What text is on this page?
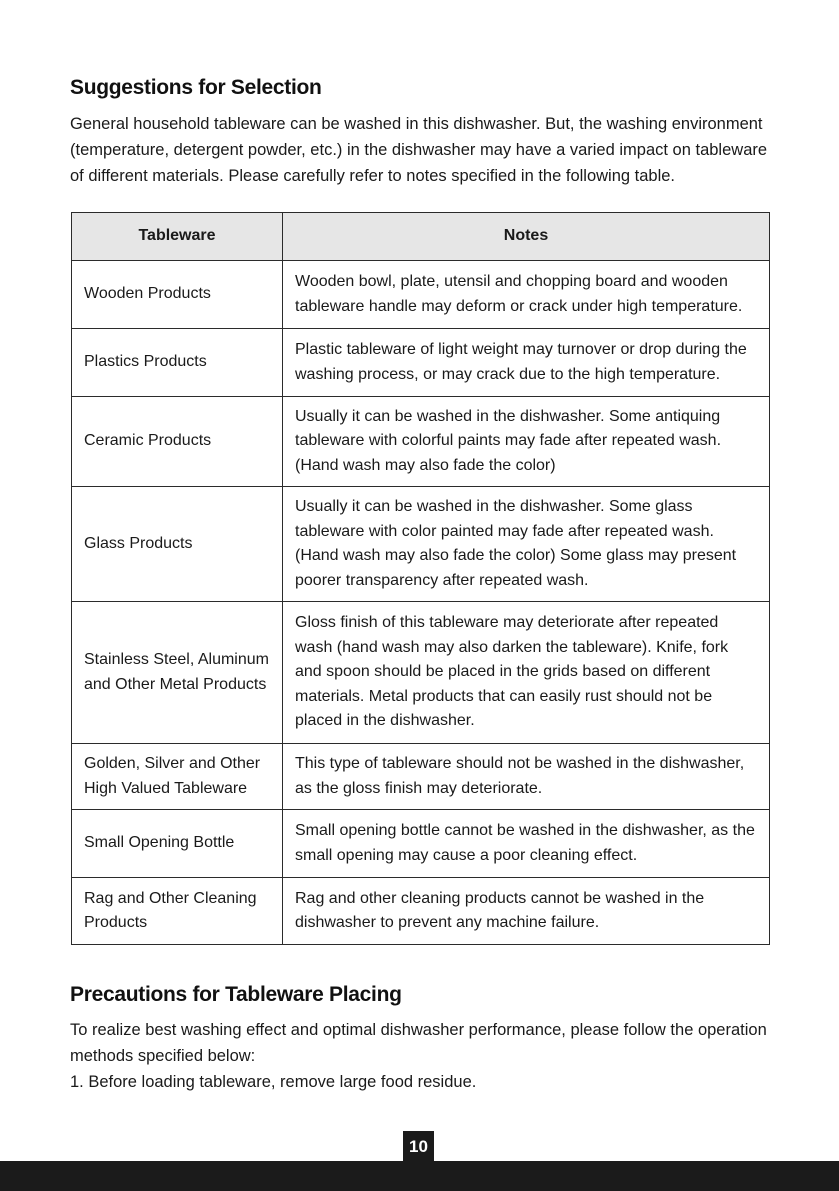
Suggestions for Selection

General household tableware can be washed in this dishwasher. But, the washing environment (temperature, detergent powder, etc.) in the dishwasher may have a varied impact on tableware of different materials. Please carefully refer to notes specified in the following table.

Tableware	Notes
Wooden Products	Wooden bowl, plate, utensil and chopping board and wooden tableware handle may deform or crack under high temperature.
Plastics Products	Plastic tableware of light weight may turnover or drop during the washing process, or may crack due to the high temperature.
Ceramic Products	Usually it can be washed in the dishwasher. Some antiquing tableware with colorful paints may fade after repeated wash. (Hand wash may also fade the color)
Glass Products	Usually it can be washed in the dishwasher. Some glass tableware with color painted may fade after repeated wash. (Hand wash may also fade the color) Some glass may present poorer transparency after repeated wash.
Stainless Steel, Aluminum and Other Metal Products	Gloss finish of this tableware may deteriorate after repeated wash (hand wash may also darken the tableware). Knife, fork and spoon should be placed in the grids based on different materials. Metal products that can easily rust should not be placed in the dishwasher.
Golden, Silver and Other High Valued Tableware	This type of tableware should not be washed in the dishwasher, as the gloss finish may deteriorate.
Small Opening Bottle	Small opening bottle cannot be washed in the dishwasher, as the small opening may cause a poor cleaning effect.
Rag and Other Cleaning Products	Rag and other cleaning products cannot be washed in the dishwasher to prevent any machine failure.
Precautions for Tableware Placing
To realize best washing effect and optimal dishwasher performance, please follow the operation methods specified below:
1. Before loading tableware, remove large food residue.
10
